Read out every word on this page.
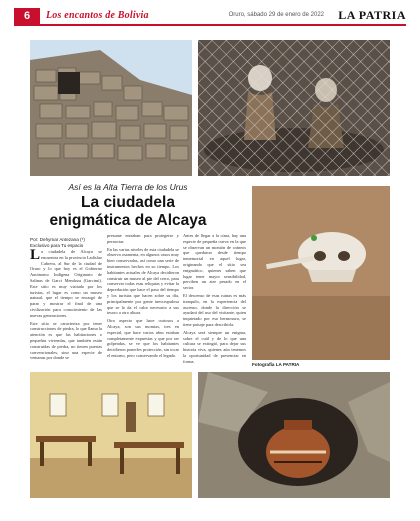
6	Los encantos de Bolivia	Oruro, sábado 29 de enero de 2022 LA PATRIA
Así es la Alta Tierra de los Urus
La ciudadela
enigmática de Alcaya
Por: Dehymar Antezana (*)
Exclusivo para Tu espacio

La ciudadela de Alcaya se encuentra en la provincia Ladislao Cabrera, al Sur de la ciudad de Oruro y lo que hoy es el Gobierno Autónomo Indígena Originario de Salinas de Garci Mendoza (Garcimi). Este sitio es muy visitado por los turistas, el lugar es como un museo natural, que el tiempo se encargó de parar y mostrar el final de una civilización para conocimiento de las nuevas generaciones.

Este sitio se caracteriza por tener construcciones de piedra, lo que llama la atención es que las habitaciones o pequeñas viviendas, que también están construidas de piedra, no tienen puertas convencionales, sino una especie de ventanas por donde se

presume entraban para protegerse y pernoctar.

En las varias niveles de esta ciudadela se observa osamenta, en algunos casos muy bien conservadas, así como una serie de instrumentos hechos en su tiempo. Los habitantes actuales de Alcaya decidieron construir un museo al pie del cerro, para conservar todas esas reliquias y evitar la depredación que hace el paso del tiempo y los turistas que hacen sobre su día, principalmente por gente inescrupulosa que se lo da el calor necesario a sus tesoro a otro altura.

Otro aspecto que hace curiosos a Alcaya, son sus momias, tres en especial, que hace varios años estaban completamente expuestas y que por ser golpeadas, se ve que los habitantes decidieron ponerles protección, sin tocar el entorno, pero conservando el legado.

Antes de llegar a la cima, hay una especie de pequeña cueva en la que se observan un montón de cráneos que quedaron desde tiempo inmemorial en aquel lugar, originando que el sitio sea enigmático, quienes saben que lugar tener mayor sensibilidad, perciben un aire pesado en el sector.

El descenso de esas ruinas es más tranquilo, en la experiencia del ascenso, donde la dirección se ayudará del uso del visitante, quien inquietado por esa hermosura, se tiene paisaje para describirla.

Alcaya será siempre un enigma, sobre el cuál y de lo que una cultura se extingió, para dejar sus historia viva, quienes aún tenemos la oportunidad de presenciar en forma.

Fotografía LA PATRIA
